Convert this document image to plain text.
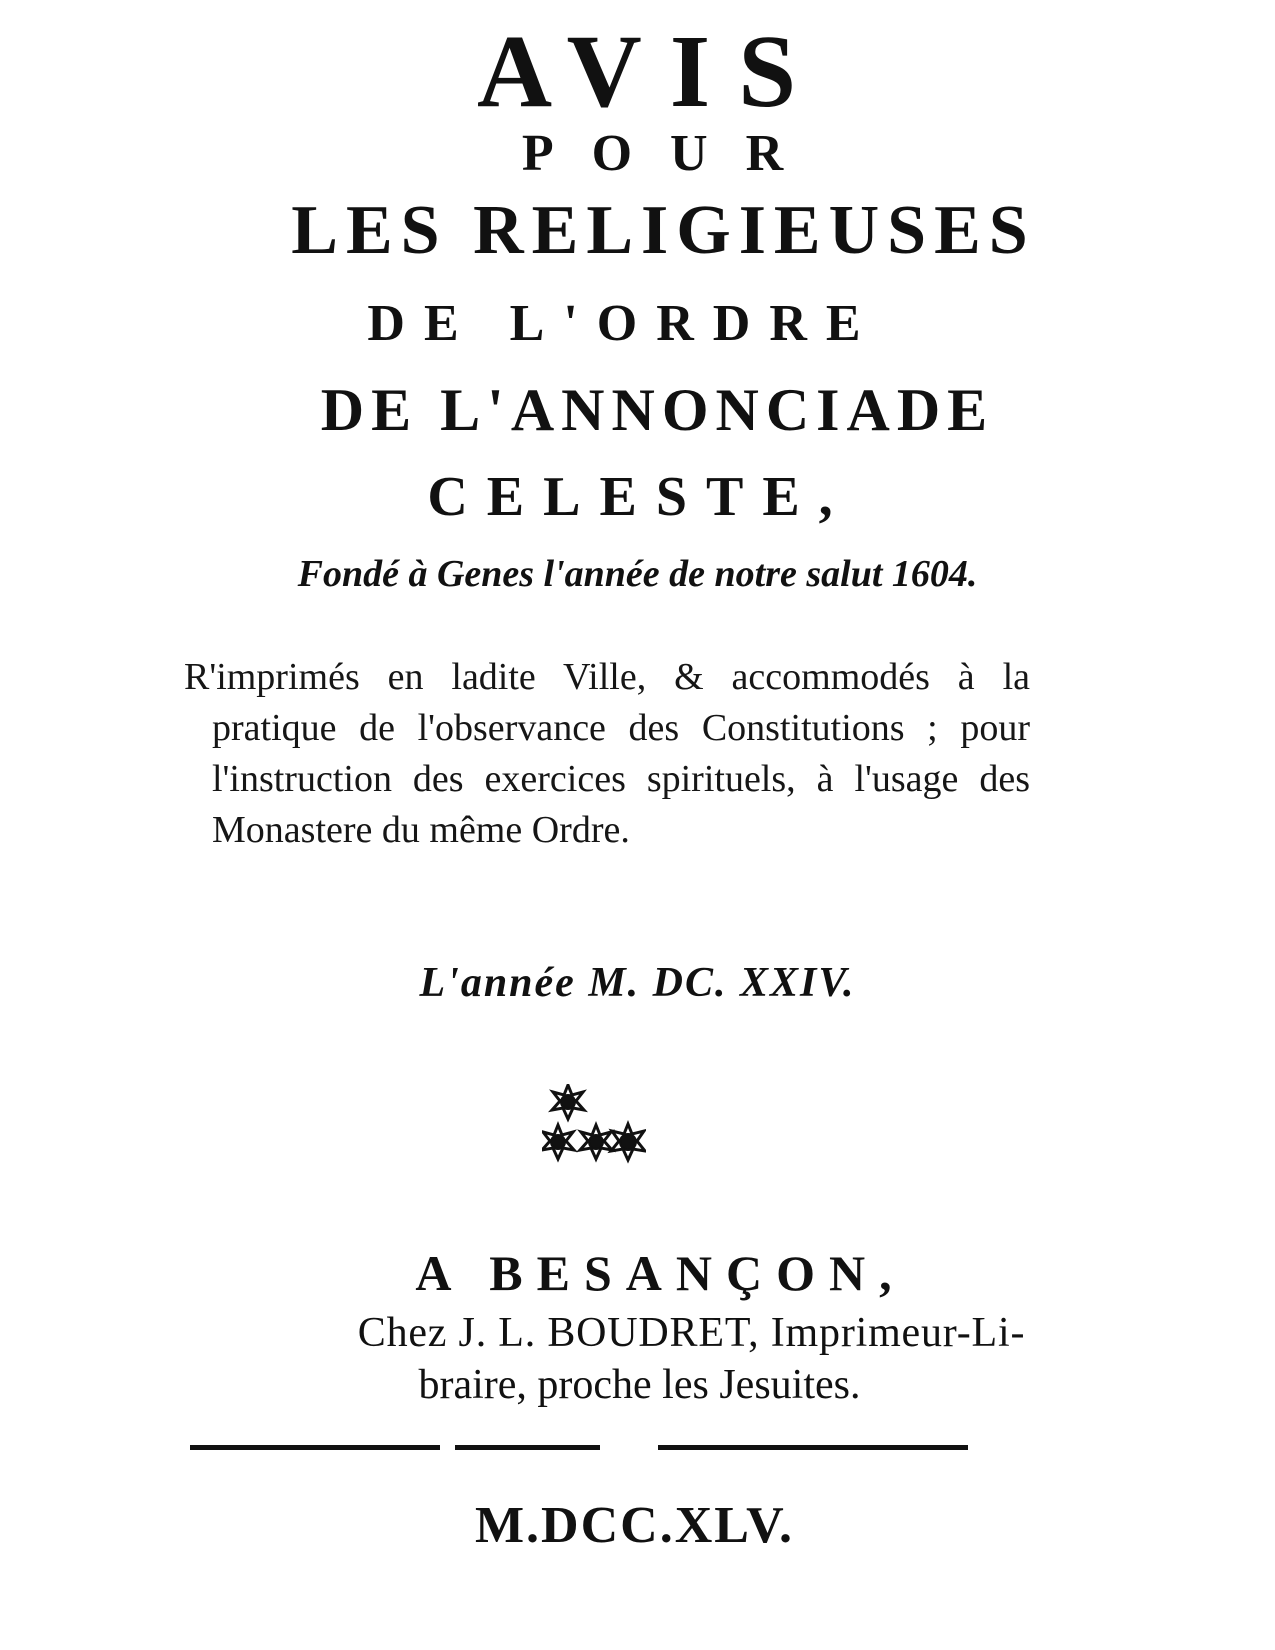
AVIS
POUR
LES RELIGIEUSES
DE L'ORDRE
DE L'ANNONCIADE
CELESTE,
Fondé à Genes l'année de notre salut 1604.

R'imprimés en ladite Ville, & accommodés à la pratique de l'observance des Constitutions ; pour l'instruction des exercices spirituels, à l'usage des Monastere du même Ordre.

L'année M. DC. XXIV.
A BESANÇON,
Chez J. L. BOUDRET, Imprimeur-Li-
braire, proche les Jesuites.
M.DCC.XLV.
